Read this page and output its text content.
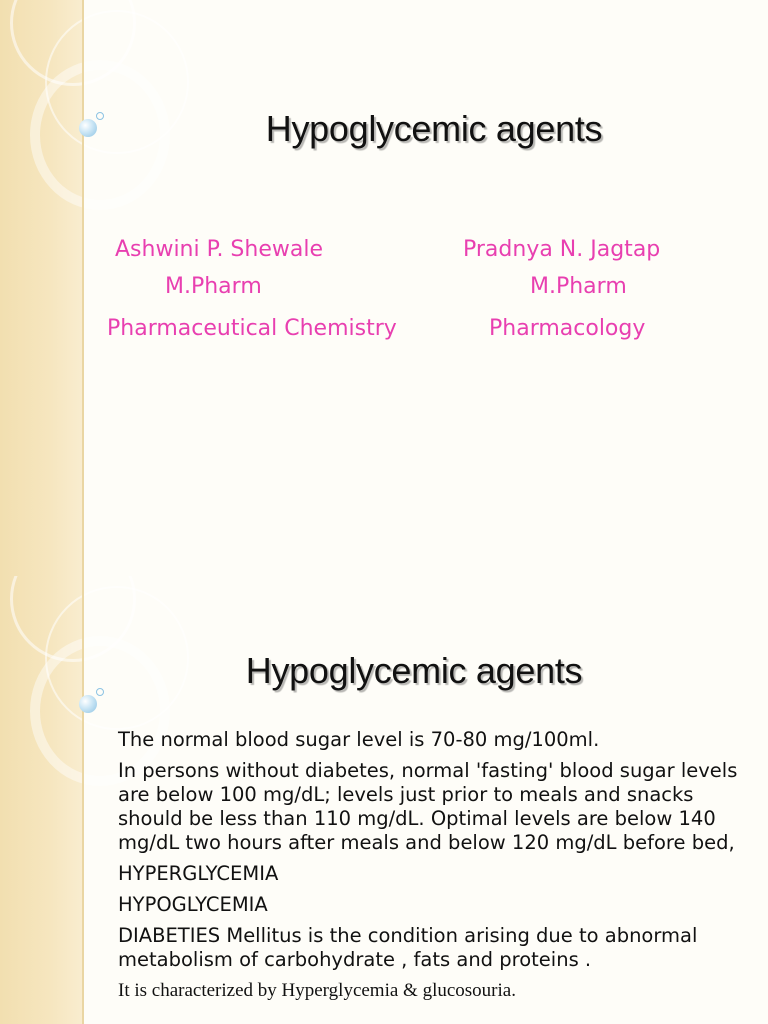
Hypoglycemic agents
Ashwini P. Shewale
M.Pharm
Pharmaceutical Chemistry
Pradnya N. Jagtap
M.Pharm
Pharmacology
Hypoglycemic agents

The normal blood sugar level is 70-80 mg/100ml.

In persons without diabetes, normal 'fasting' blood sugar levels are below 100 mg/dL; levels just prior to meals and snacks should be less than 110 mg/dL. Optimal levels are below 140 mg/dL two hours after meals and below 120 mg/dL before bed,

HYPERGLYCEMIA

HYPOGLYCEMIA

DIABETIES Mellitus is the condition arising due to abnormal metabolism of carbohydrate , fats and proteins .

It is characterized by Hyperglycemia & glucosouria.
